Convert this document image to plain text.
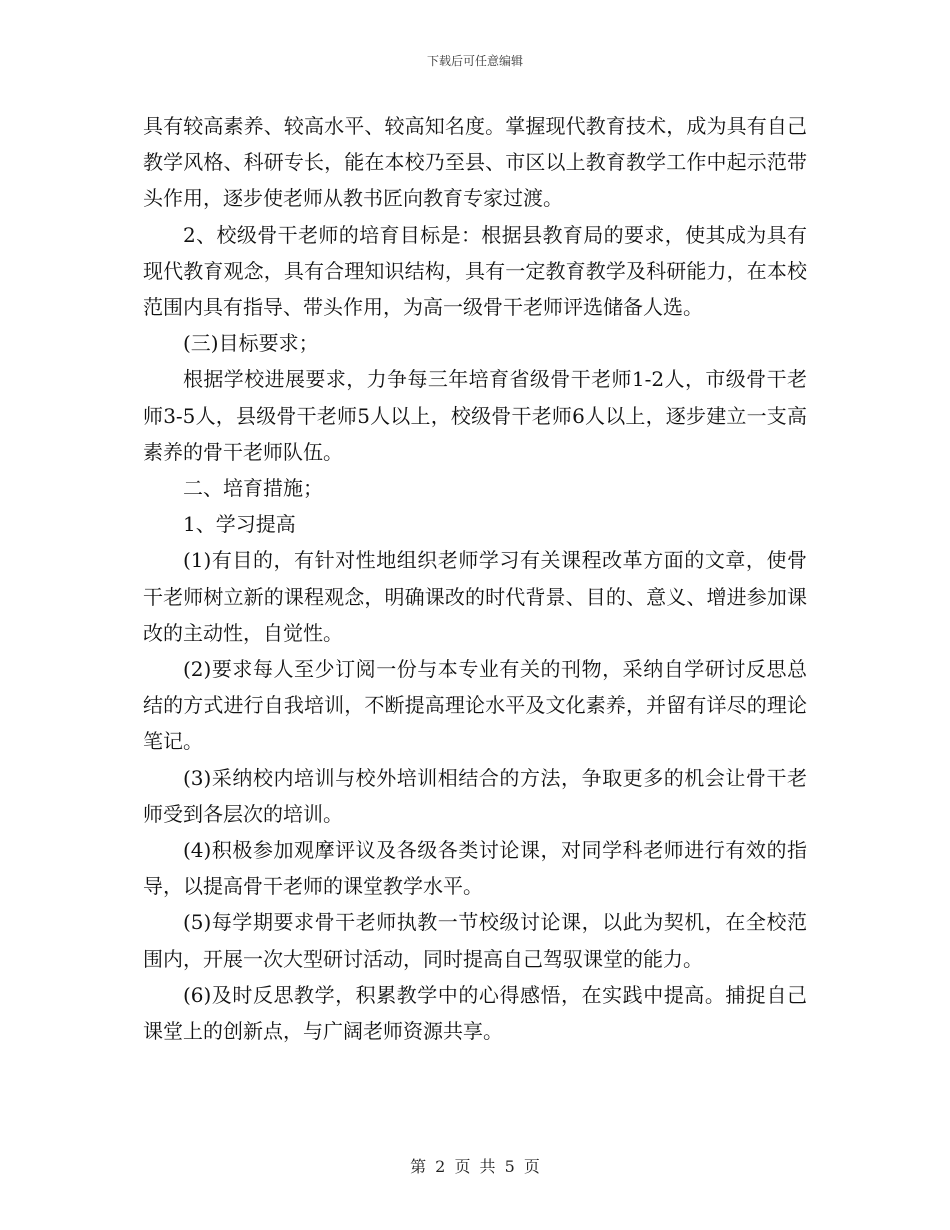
下载后可任意编辑

具有较高素养、较高水平、较高知名度。掌握现代教育技术，成为具有自己教学风格、科研专长，能在本校乃至县、市区以上教育教学工作中起示范带头作用，逐步使老师从教书匠向教育专家过渡。

2、校级骨干老师的培育目标是：根据县教育局的要求，使其成为具有现代教育观念，具有合理知识结构，具有一定教育教学及科研能力，在本校范围内具有指导、带头作用，为高一级骨干老师评选储备人选。

(三)目标要求；

根据学校进展要求，力争每三年培育省级骨干老师1-2人，市级骨干老师3-5人，县级骨干老师5人以上，校级骨干老师6人以上，逐步建立一支高素养的骨干老师队伍。

二、培育措施；

1、学习提高

(1)有目的，有针对性地组织老师学习有关课程改革方面的文章，使骨干老师树立新的课程观念，明确课改的时代背景、目的、意义、增进参加课改的主动性，自觉性。

(2)要求每人至少订阅一份与本专业有关的刊物，采纳自学研讨反思总结的方式进行自我培训，不断提高理论水平及文化素养，并留有详尽的理论笔记。

(3)采纳校内培训与校外培训相结合的方法，争取更多的机会让骨干老师受到各层次的培训。

(4)积极参加观摩评议及各级各类讨论课，对同学科老师进行有效的指导，以提高骨干老师的课堂教学水平。

(5)每学期要求骨干老师执教一节校级讨论课，以此为契机，在全校范围内，开展一次大型研讨活动，同时提高自己驾驭课堂的能力。

(6)及时反思教学，积累教学中的心得感悟，在实践中提高。捕捉自己课堂上的创新点，与广阔老师资源共享。

第 2 页 共 5 页
